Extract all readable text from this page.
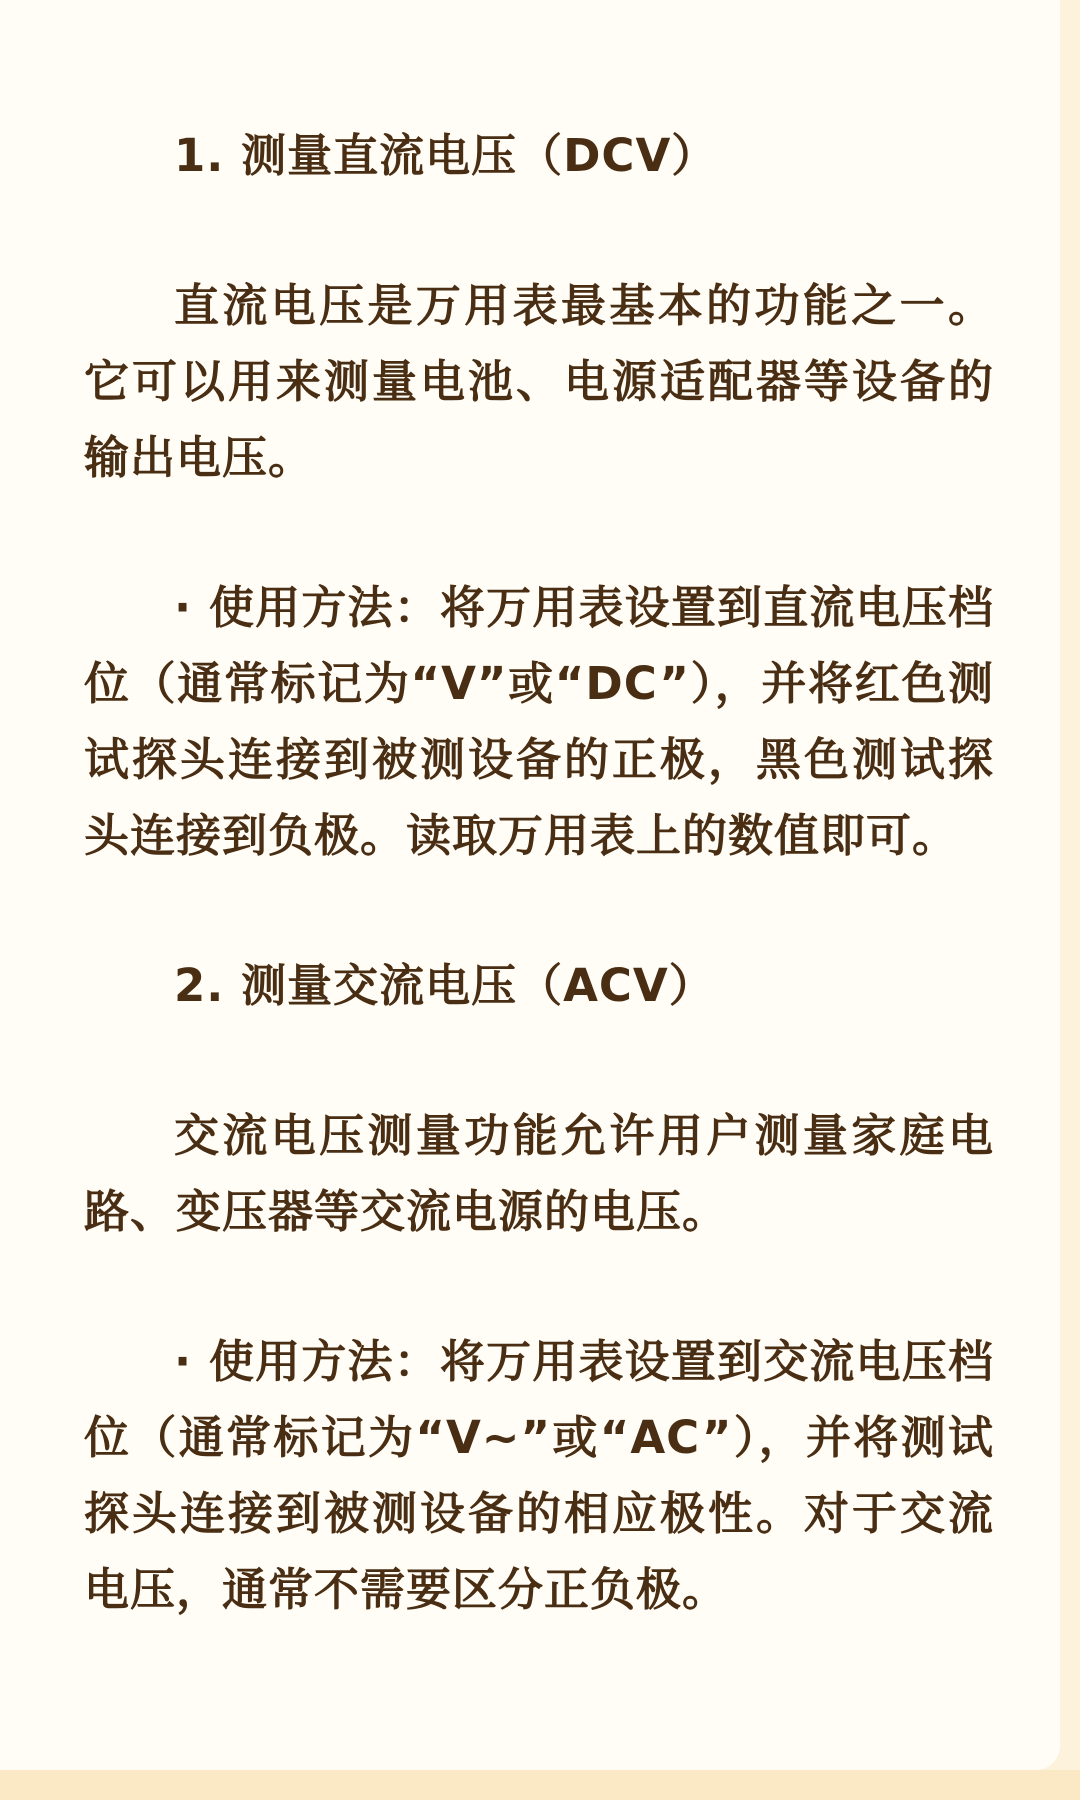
1. 测量直流电压（DCV）
直流电压是万用表最基本的功能之一。它可以用来测量电池、电源适配器等设备的输出电压。
· 使用方法：将万用表设置到直流电压档位（通常标记为“V”或“DC”），并将红色测试探头连接到被测设备的正极，黑色测试探头连接到负极。读取万用表上的数值即可。
2. 测量交流电压（ACV）
交流电压测量功能允许用户测量家庭电路、变压器等交流电源的电压。
· 使用方法：将万用表设置到交流电压档位（通常标记为“V~”或“AC”），并将测试探头连接到被测设备的相应极性。对于交流电压，通常不需要区分正负极。
